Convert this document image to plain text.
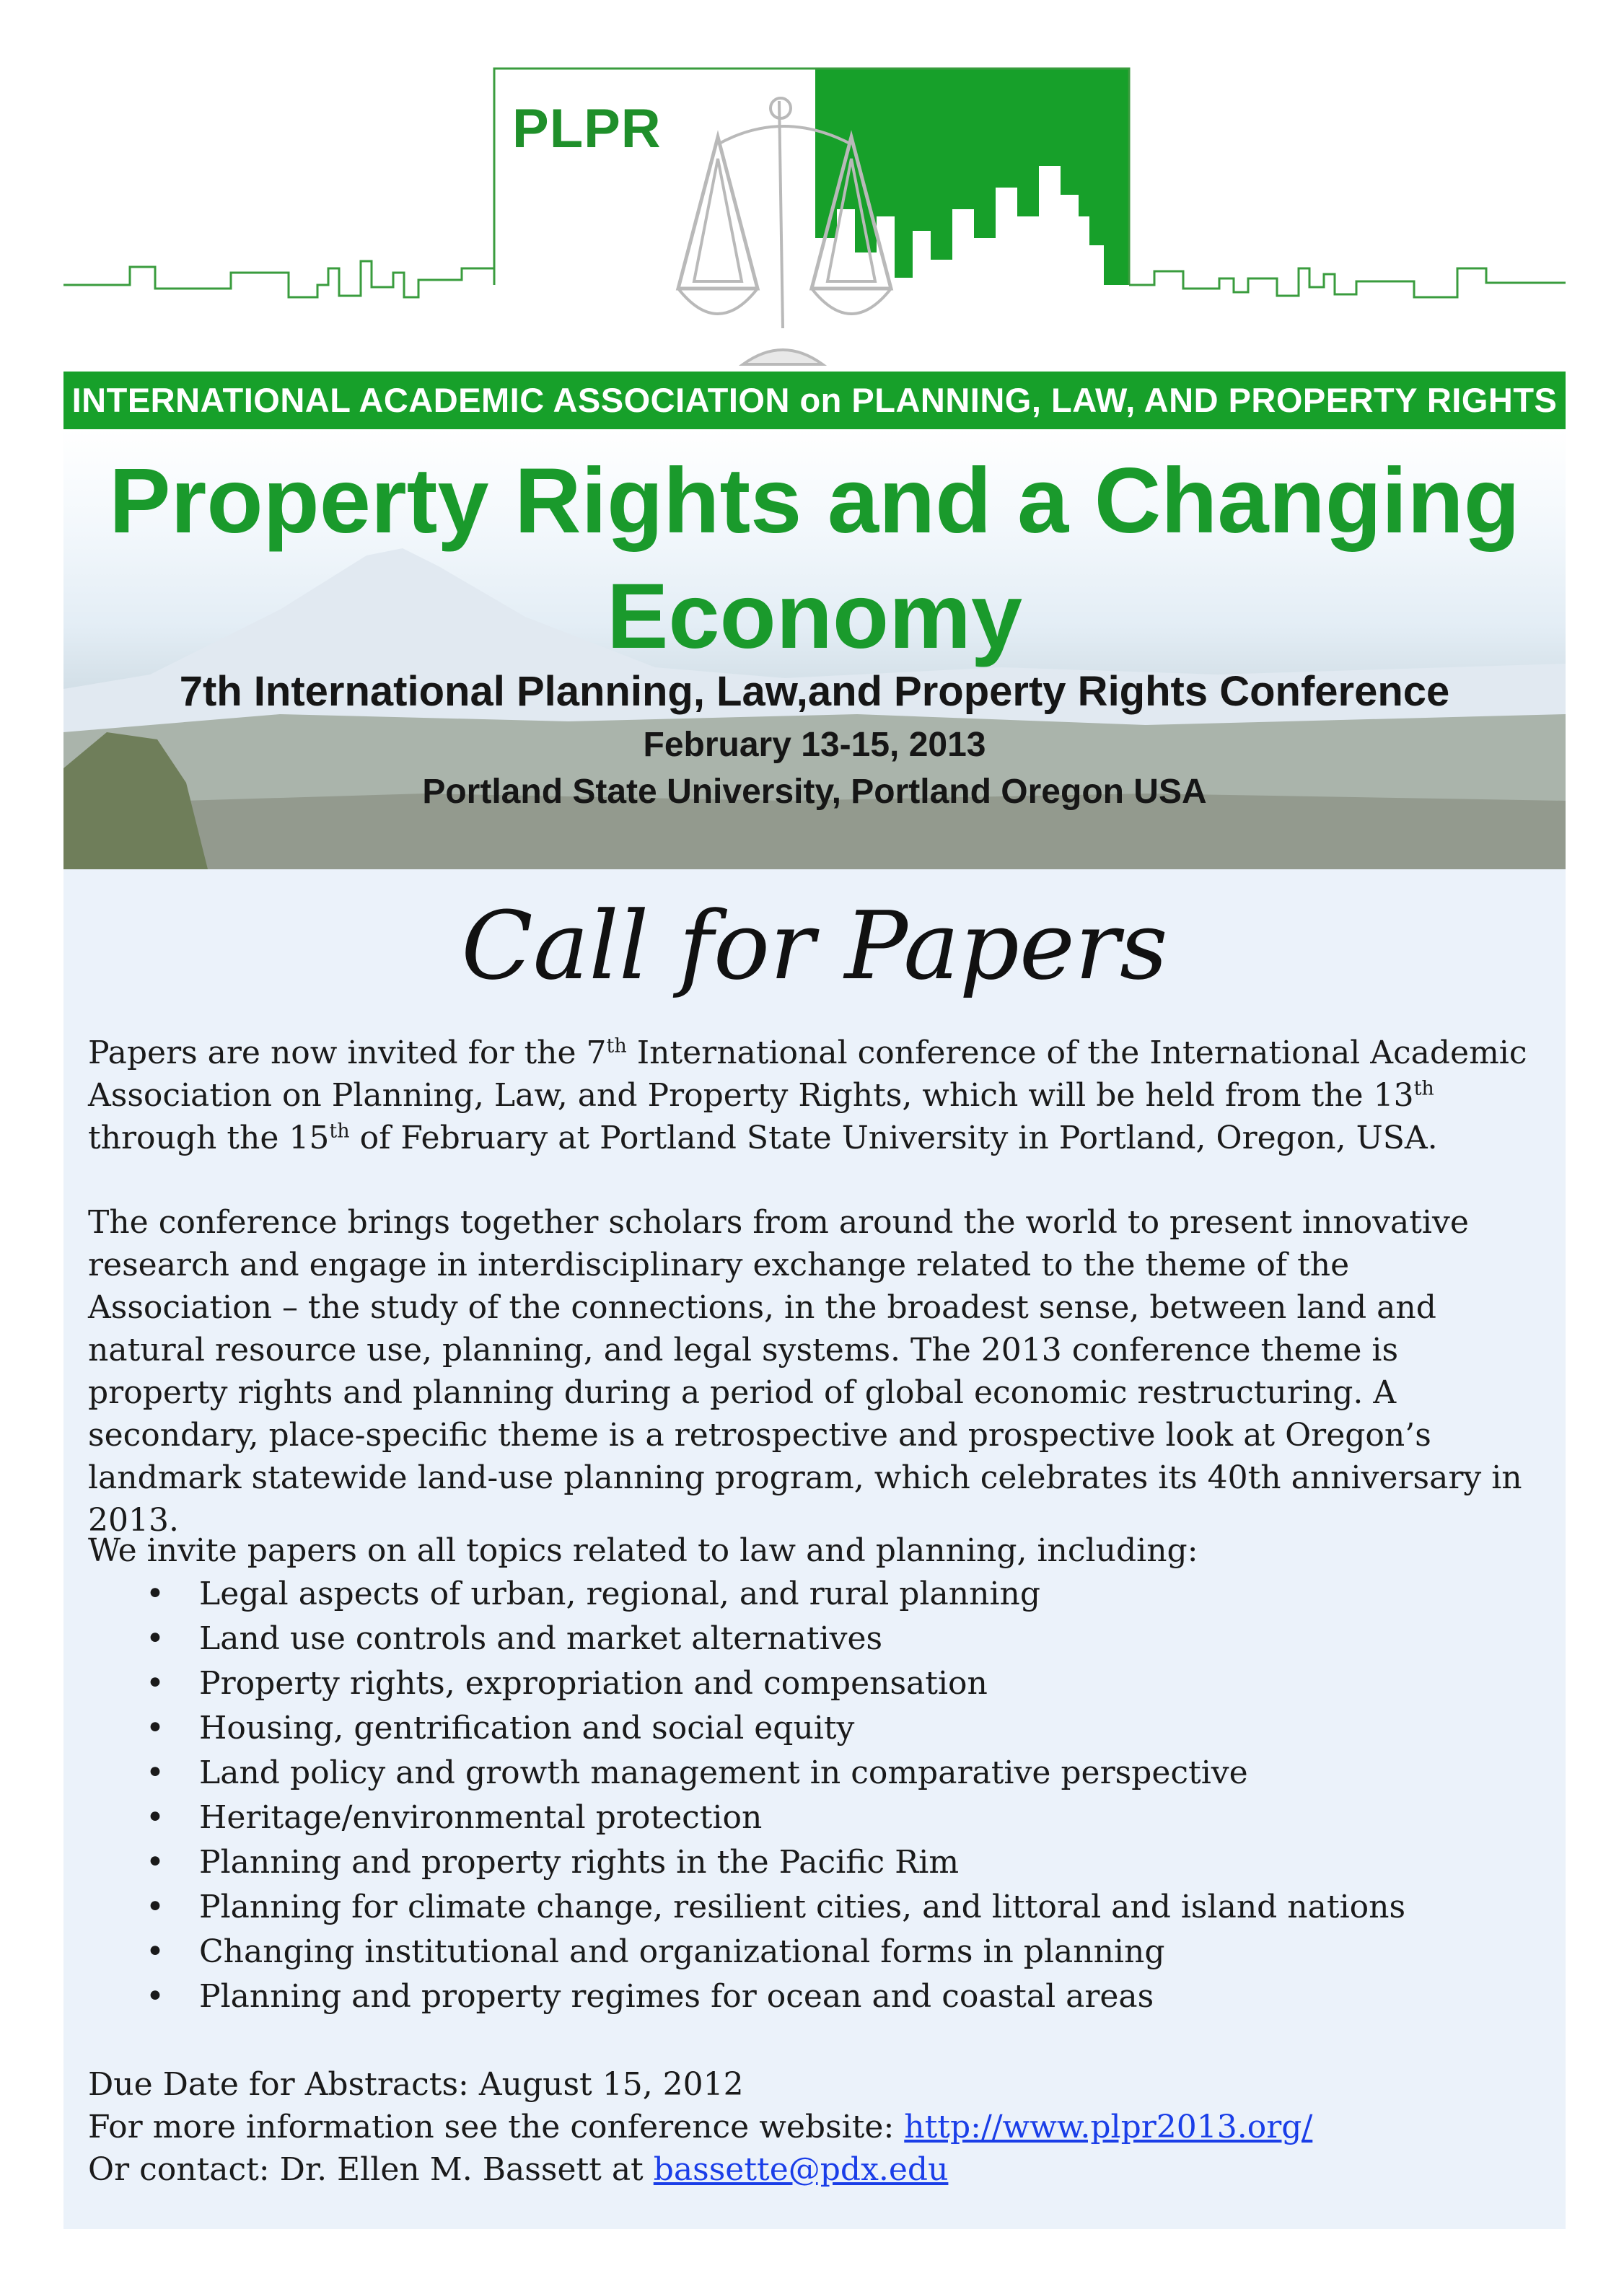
PLPR
INTERNATIONAL ACADEMIC ASSOCIATION on PLANNING, LAW, AND PROPERTY RIGHTS
Property Rights and a Changing
Economy
7th International Planning, Law,and Property Rights Conference
February 13-15, 2013
Portland State University, Portland Oregon USA
Call for Papers
Papers are now invited for the 7th International conference of the International Academic Association on Planning, Law, and Property Rights, which will be held from the 13th through the 15th of February at Portland State University in Portland, Oregon, USA.
The conference brings together scholars from around the world to present innovative research and engage in interdisciplinary exchange related to the theme of the Association – the study of the connections, in the broadest sense, between land and natural resource use, planning, and legal systems. The 2013 conference theme is property rights and planning during a period of global economic restructuring. A secondary, place-specific theme is a retrospective and prospective look at Oregon’s landmark statewide land-use planning program, which celebrates its 40th anniversary in 2013.
We invite papers on all topics related to law and planning, including:
• Legal aspects of urban, regional, and rural planning
• Land use controls and market alternatives
• Property rights, expropriation and compensation
• Housing, gentrification and social equity
• Land policy and growth management in comparative perspective
• Heritage/environmental protection
• Planning and property rights in the Pacific Rim
• Planning for climate change, resilient cities, and littoral and island nations
• Changing institutional and organizational forms in planning
• Planning and property regimes for ocean and coastal areas
Due Date for Abstracts: August 15, 2012
For more information see the conference website: http://www.plpr2013.org/
Or contact: Dr. Ellen M. Bassett at bassette@pdx.edu
